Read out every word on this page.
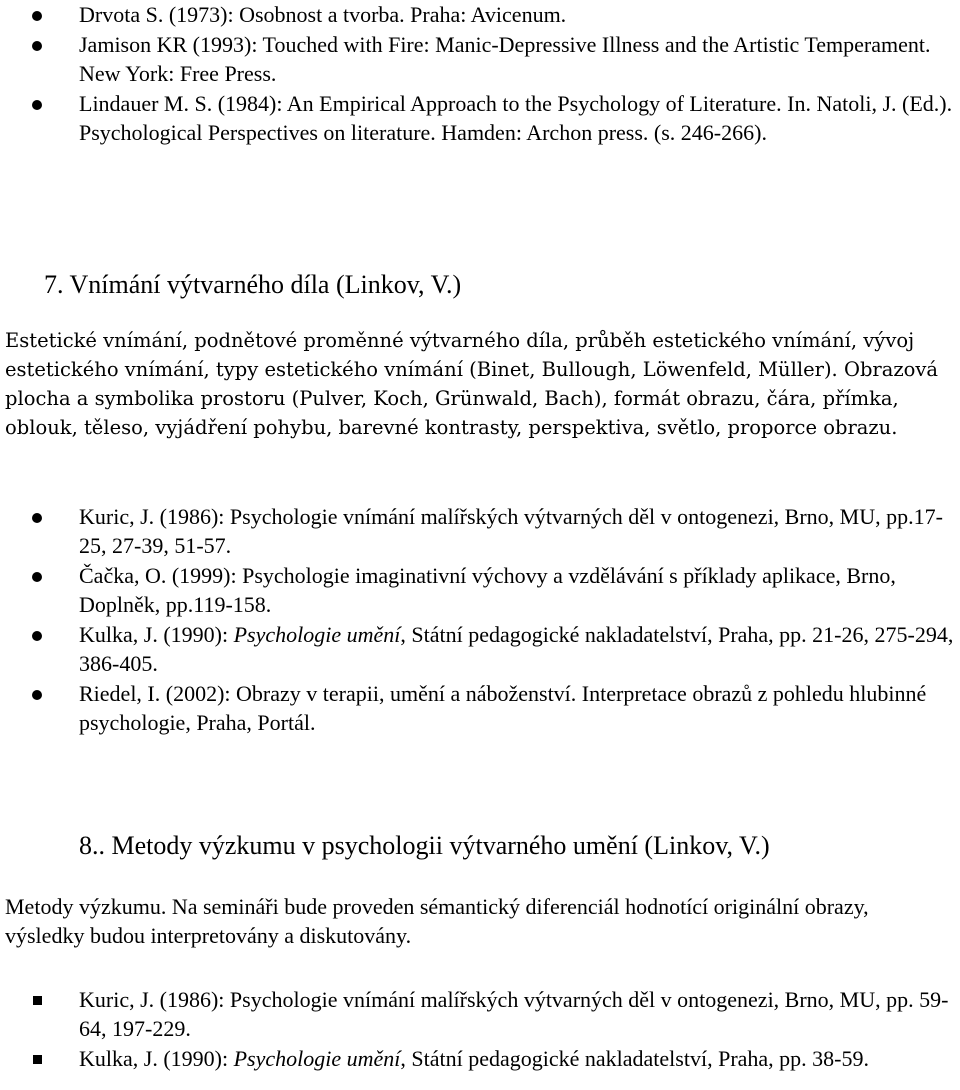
Drvota S. (1973): Osobnost a tvorba. Praha: Avicenum.
Jamison KR (1993): Touched with Fire: Manic-Depressive Illness and the Artistic Temperament. New York: Free Press.
Lindauer M. S. (1984): An Empirical Approach to the Psychology of Literature. In. Natoli, J. (Ed.). Psychological Perspectives on literature. Hamden: Archon press. (s. 246-266).
7. Vnímání výtvarného díla (Linkov, V.)

Estetické vnímání, podnětové proměnné výtvarného díla, průběh estetického vnímání, vývoj estetického vnímání, typy estetického vnímání (Binet, Bullough, Löwenfeld, Müller). Obrazová plocha a symbolika prostoru (Pulver, Koch, Grünwald, Bach), formát obrazu, čára, přímka, oblouk, těleso, vyjádření pohybu, barevné kontrasty, perspektiva, světlo, proporce obrazu.

Kuric, J. (1986): Psychologie vnímání malířských výtvarných děl v ontogenezi, Brno, MU, pp.17-25, 27-39, 51-57.
Čačka, O. (1999): Psychologie imaginativní výchovy a vzdělávání s příklady aplikace, Brno, Doplněk, pp.119-158.
Kulka, J. (1990): Psychologie umění, Státní pedagogické nakladatelství, Praha, pp. 21-26, 275-294, 386-405.
Riedel, I. (2002): Obrazy v terapii, umění a náboženství. Interpretace obrazů z pohledu hlubinné psychologie, Praha, Portál.
8.. Metody výzkumu v psychologii výtvarného umění (Linkov, V.)

Metody výzkumu. Na semináři bude proveden sémantický diferenciál hodnotící originální obrazy, výsledky budou interpretovány a diskutovány.

Kuric, J. (1986): Psychologie vnímání malířských výtvarných děl v ontogenezi, Brno, MU, pp. 59-64, 197-229.
Kulka, J. (1990): Psychologie umění, Státní pedagogické nakladatelství, Praha, pp. 38-59.
